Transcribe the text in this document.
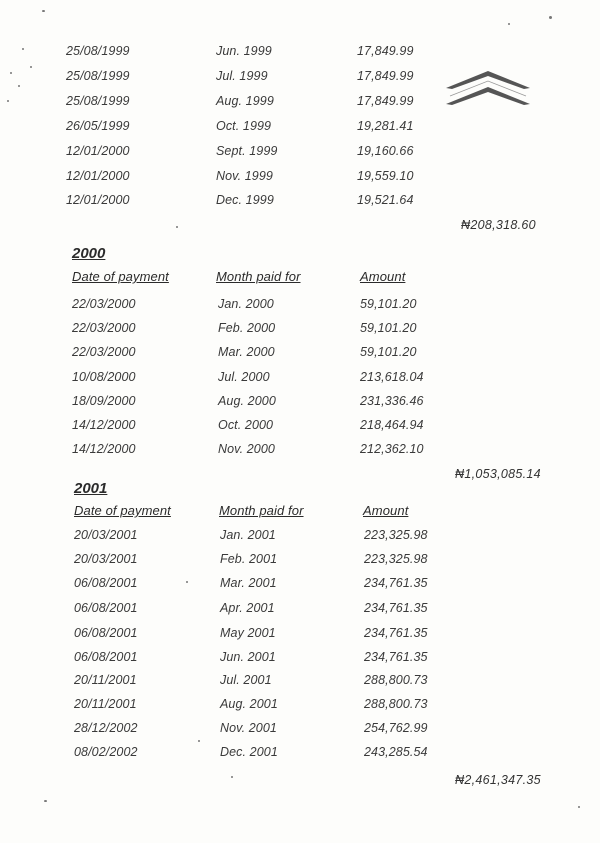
25/08/1999	Jun. 1999	17,849.99
25/08/1999	Jul. 1999	17,849.99
25/08/1999	Aug. 1999	17,849.99
26/05/1999	Oct. 1999	19,281.41
12/01/2000	Sept. 1999	19,160.66
12/01/2000	Nov. 1999	19,559.10
12/01/2000	Dec. 1999	19,521.64
₦208,318.60
2000
Date of payment	Month paid for	Amount
22/03/2000	Jan. 2000	59,101.20
22/03/2000	Feb. 2000	59,101.20
22/03/2000	Mar. 2000	59,101.20
10/08/2000	Jul. 2000	213,618.04
18/09/2000	Aug. 2000	231,336.46
14/12/2000	Oct. 2000	218,464.94
14/12/2000	Nov. 2000	212,362.10
₦1,053,085.14
2001
Date of payment	Month paid for	Amount
20/03/2001	Jan. 2001	223,325.98
20/03/2001	Feb. 2001	223,325.98
06/08/2001	Mar. 2001	234,761.35
06/08/2001	Apr. 2001	234,761.35
06/08/2001	May 2001	234,761.35
06/08/2001	Jun. 2001	234,761.35
20/11/2001	Jul. 2001	288,800.73
20/11/2001	Aug. 2001	288,800.73
28/12/2002	Nov. 2001	254,762.99
08/02/2002	Dec. 2001	243,285.54
₦2,461,347.35
